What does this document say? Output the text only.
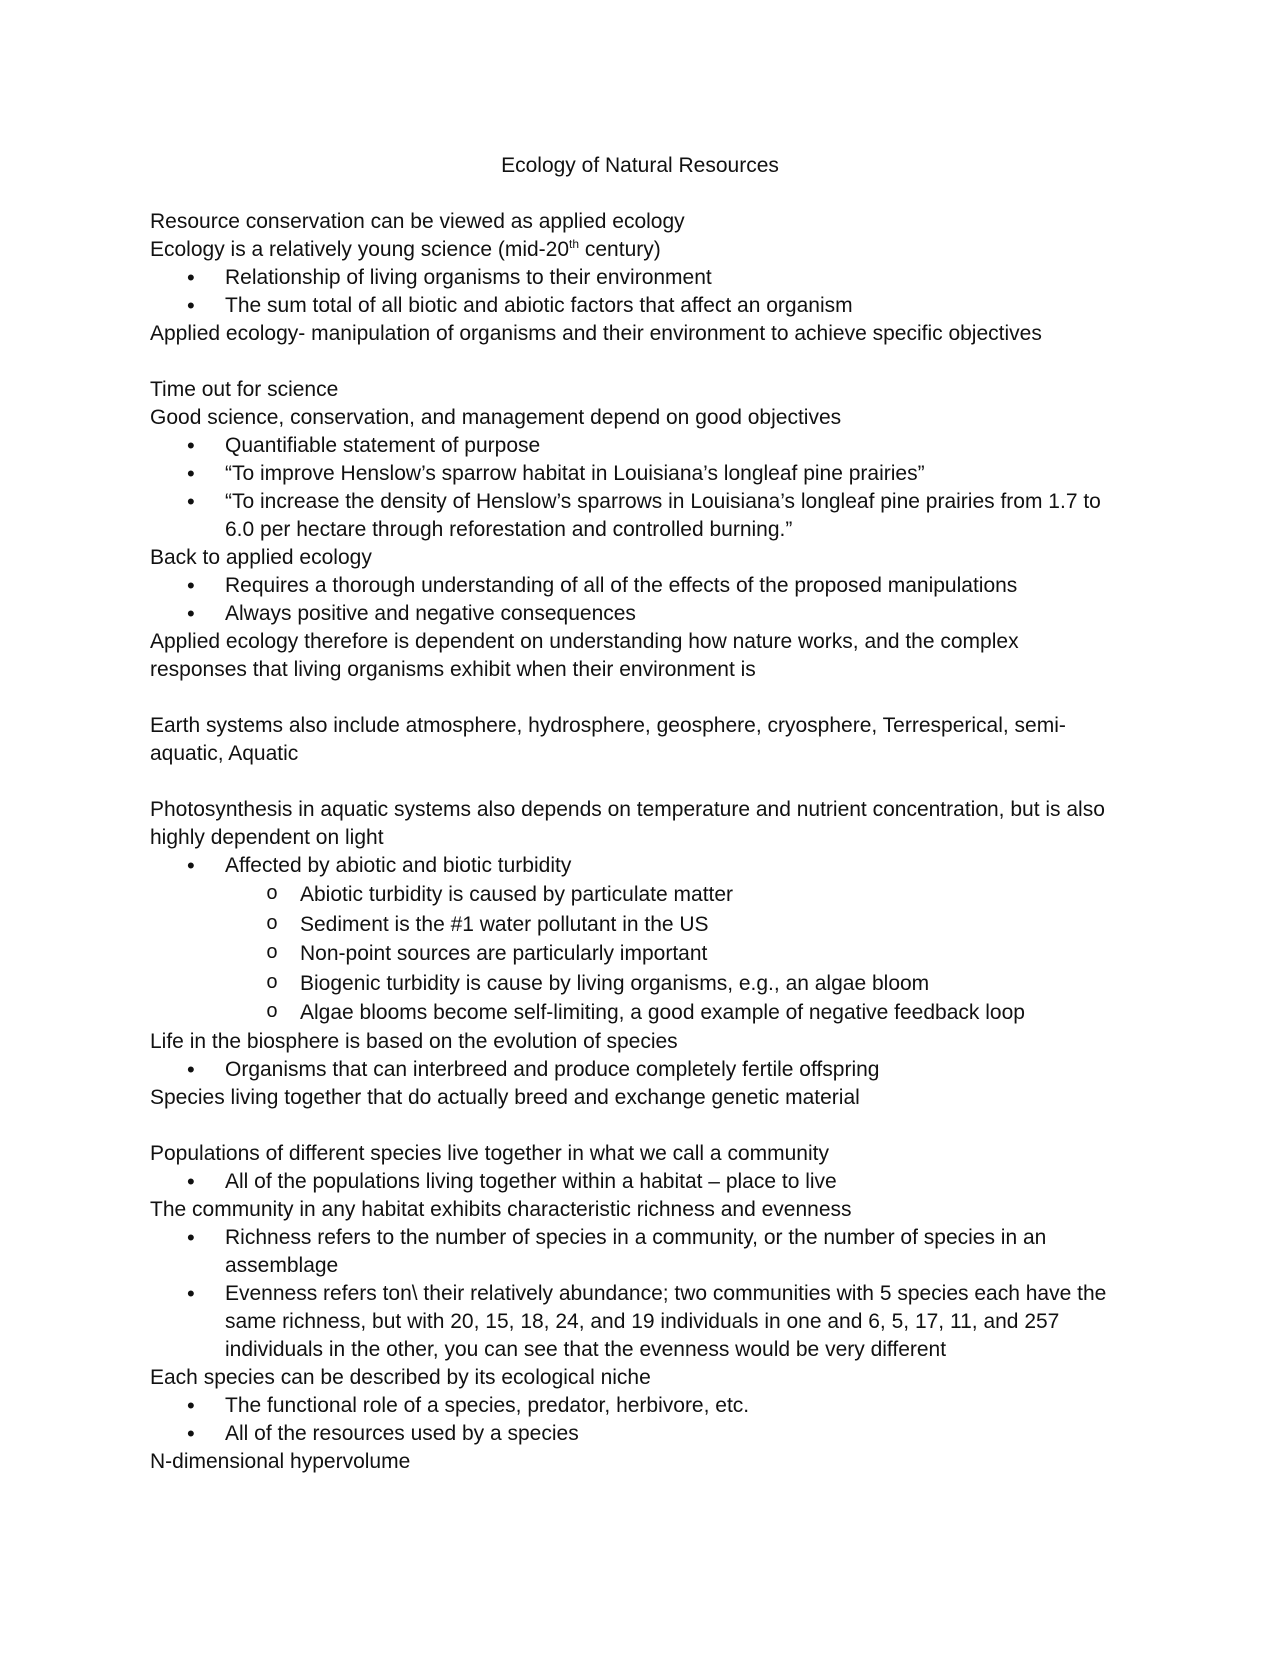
Ecology of Natural Resources

Resource conservation can be viewed as applied ecology

Ecology is a relatively young science (mid-20th century)

• Relationship of living organisms to their environment
• The sum total of all biotic and abiotic factors that affect an organism

Applied ecology- manipulation of organisms and their environment to achieve specific objectives

Time out for science

Good science, conservation, and management depend on good objectives

• Quantifiable statement of purpose
• “To improve Henslow’s sparrow habitat in Louisiana’s longleaf pine prairies”
• “To increase the density of Henslow’s sparrows in Louisiana’s longleaf pine prairies from 1.7 to 6.0 per hectare through reforestation and controlled burning.”

Back to applied ecology

• Requires a thorough understanding of all of the effects of the proposed manipulations
• Always positive and negative consequences

Applied ecology therefore is dependent on understanding how nature works, and the complex responses that living organisms exhibit when their environment is

Earth systems also include atmosphere, hydrosphere, geosphere, cryosphere, Terresperical, semi-aquatic, Aquatic

Photosynthesis in aquatic systems also depends on temperature and nutrient concentration, but is also highly dependent on light

• Affected by abiotic and biotic turbidity
o Abiotic turbidity is caused by particulate matter
o Sediment is the #1 water pollutant in the US
o Non-point sources are particularly important
o Biogenic turbidity is cause by living organisms, e.g., an algae bloom
o Algae blooms become self-limiting, a good example of negative feedback loop

Life in the biosphere is based on the evolution of species

• Organisms that can interbreed and produce completely fertile offspring

Species living together that do actually breed and exchange genetic material

Populations of different species live together in what we call a community

• All of the populations living together within a habitat – place to live

The community in any habitat exhibits characteristic richness and evenness

• Richness refers to the number of species in a community, or the number of species in an assemblage
• Evenness refers ton\ their relatively abundance; two communities with 5 species each have the same richness, but with 20, 15, 18, 24, and 19 individuals in one and 6, 5, 17, 11, and 257 individuals in the other, you can see that the evenness would be very different

Each species can be described by its ecological niche

• The functional role of a species, predator, herbivore, etc.
• All of the resources used by a species

N-dimensional hypervolume
